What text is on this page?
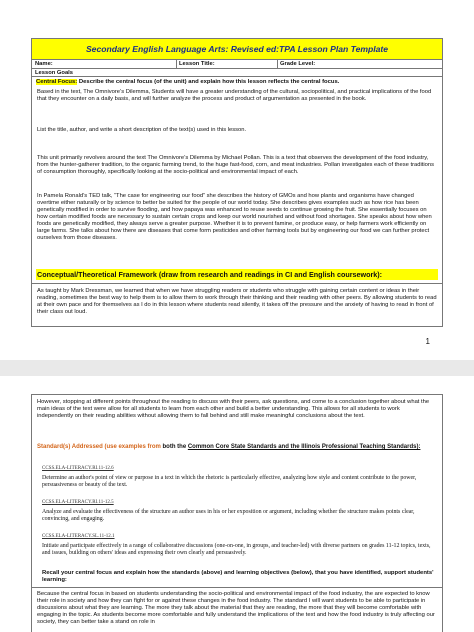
Secondary English Language Arts: Revised ed:TPA Lesson Plan Template
Name:	Lesson Title:	Grade Level:
Lesson Goals
Central Focus: Describe the central focus (of the unit) and explain how this lesson reflects the central focus.
Based in the text, The Omnivore’s Dilemma, Students will have a greater understanding of the cultural, sociopolitical, and practical implications of the food that they encounter on a daily basis, and will further analyze the process and product of argumentation as presented in the book.
List the title, author, and write a short description of the text(s) used in this lesson.
This unit primarily revolves around the text The Omnivore’s Dilemma by Michael Pollan. This is a text that observes the development of the food industry, from the hunter-gatherer tradition, to the organic farming trend, to the huge fast-food, corn, and meat industries. Pollan investigates each of these traditions of consumption thoroughly, specifically looking at the socio-political and environmental impact of each.
In Pamela Ronald’s TED talk, “The case for engineering our food” she describes the history of GMOs and how plants and organisms have changed overtime either naturally or by science to better be suited for the people of our world today. She describes gives examples such as how rice has been genetically modified in order to survive flooding, and how papaya was enhanced to reuse seeds to continue growing the fruit. She essentially focuses on how certain modified foods are necessary to sustain certain crops and keep our world nourished and without food shortages. She speaks about how when foods are genetically modified, they always serve a greater purpose. Whether it is to prevent famine, or produce easy, or help farmers work efficiently on large farms. She talks about how there are diseases that come form pesticides and other farming tools but by engineering our food we can further protect ourselves from those diseases.
Conceptual/Theoretical Framework (draw from research and readings in CI and English coursework):
As taught by Mark Dressman, we learned that when we have struggling readers or students who struggle with gaining certain content or ideas in their reading, sometimes the best way to help them is to allow them to work through their thinking and their reading with other peers. By allowing students to read at their own pace and for themselves as I do in this lesson where students read silently, it takes off the pressure and the anxiety of having to read in front of their class out loud.
1
However, stopping at different points throughout the reading to discuss with their peers, ask questions, and come to a conclusion together about what the main ideas of the text were allow for all students to learn from each other and build a better understanding. This allows for all students to work independently on their reading abilities without allowing them to fall behind and still make meaningful conclusions about the text.
Standard(s) Addressed (use examples from both the Common Core State Standards and the Illinois Professional Teaching Standards):
CCSS.ELA-LITERACY.RI.11-12.6
Determine an author's point of view or purpose in a text in which the rhetoric is particularly effective, analyzing how style and content contribute to the power, persuasiveness or beauty of the text.
CCSS.ELA-LITERACY.RI.11-12.5
Analyze and evaluate the effectiveness of the structure an author uses in his or her exposition or argument, including whether the structure makes points clear, convincing, and engaging.
CCSS.ELA-LITERACY.SL.11-12.1
Initiate and participate effectively in a range of collaborative discussions (one-on-one, in groups, and teacher-led) with diverse partners on grades 11-12 topics, texts, and issues, building on others' ideas and expressing their own clearly and persuasively.
Recall your central focus and explain how the standards (above) and learning objectives (below), that you have identified, support students' learning:
Because the central focus in based on students understanding the socio-political and environmental impact of the food industry, the are expected to know their role in society and how they can fight for or against these changes in the food industry. The standard I will want students to be able to participate in discussions about what they are learning. The more they talk about the material that they are reading, the more that they will become comfortable with engaging in the topic. As students become more comfortable and fully understand the implications of the text and how the food industry is truly affecting our society, they can better take a stand on role in
